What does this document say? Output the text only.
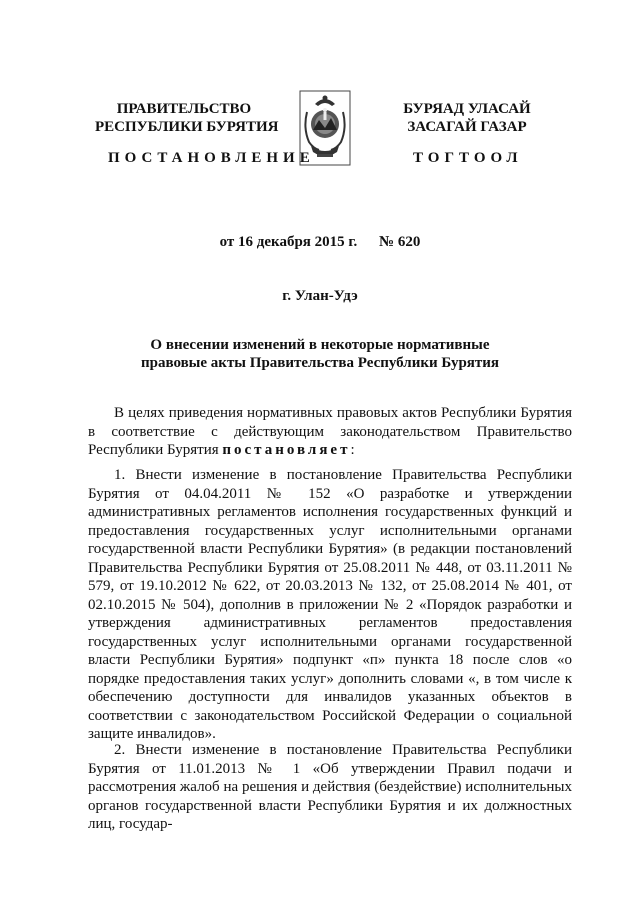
ПРАВИТЕЛЬСТВО
РЕСПУБЛИКИ БУРЯТИЯ
ПОСТАНОВЛЕНИЕ
БУРЯАД УЛАСАЙ
ЗАСАГАЙ ГАЗАР
ТОГТООЛ
от 16 декабря 2015 г. № 620
г. Улан-Удэ
О внесении изменений в некоторые нормативные
правовые акты Правительства Республики Бурятия
В целях приведения нормативных правовых актов Республики Бурятия в соответствие с действующим законодательством Правительство Республики Бурятия постановляет:
1. Внести изменение в постановление Правительства Республики Бурятия от 04.04.2011 № 152 «О разработке и утверждении административных регламентов исполнения государственных функций и предоставления государственных услуг исполнительными органами государственной власти Республики Бурятия» (в редакции постановлений Правительства Республики Бурятия от 25.08.2011 № 448, от 03.11.2011 № 579, от 19.10.2012 № 622, от 20.03.2013 № 132, от 25.08.2014 № 401, от 02.10.2015 № 504), дополнив в приложении № 2 «Порядок разработки и утверждения административных регламентов предоставления государственных услуг исполнительными органами государственной власти Республики Бурятия» подпункт «п» пункта 18 после слов «о порядке предоставления таких услуг» дополнить словами «, в том числе к обеспечению доступности для инвалидов указанных объектов в соответствии с законодательством Российской Федерации о социальной защите инвалидов».
2. Внести изменение в постановление Правительства Республики Бурятия от 11.01.2013 № 1 «Об утверждении Правил подачи и рассмотрения жалоб на решения и действия (бездействие) исполнительных органов государственной власти Республики Бурятия и их должностных лиц, государ-
